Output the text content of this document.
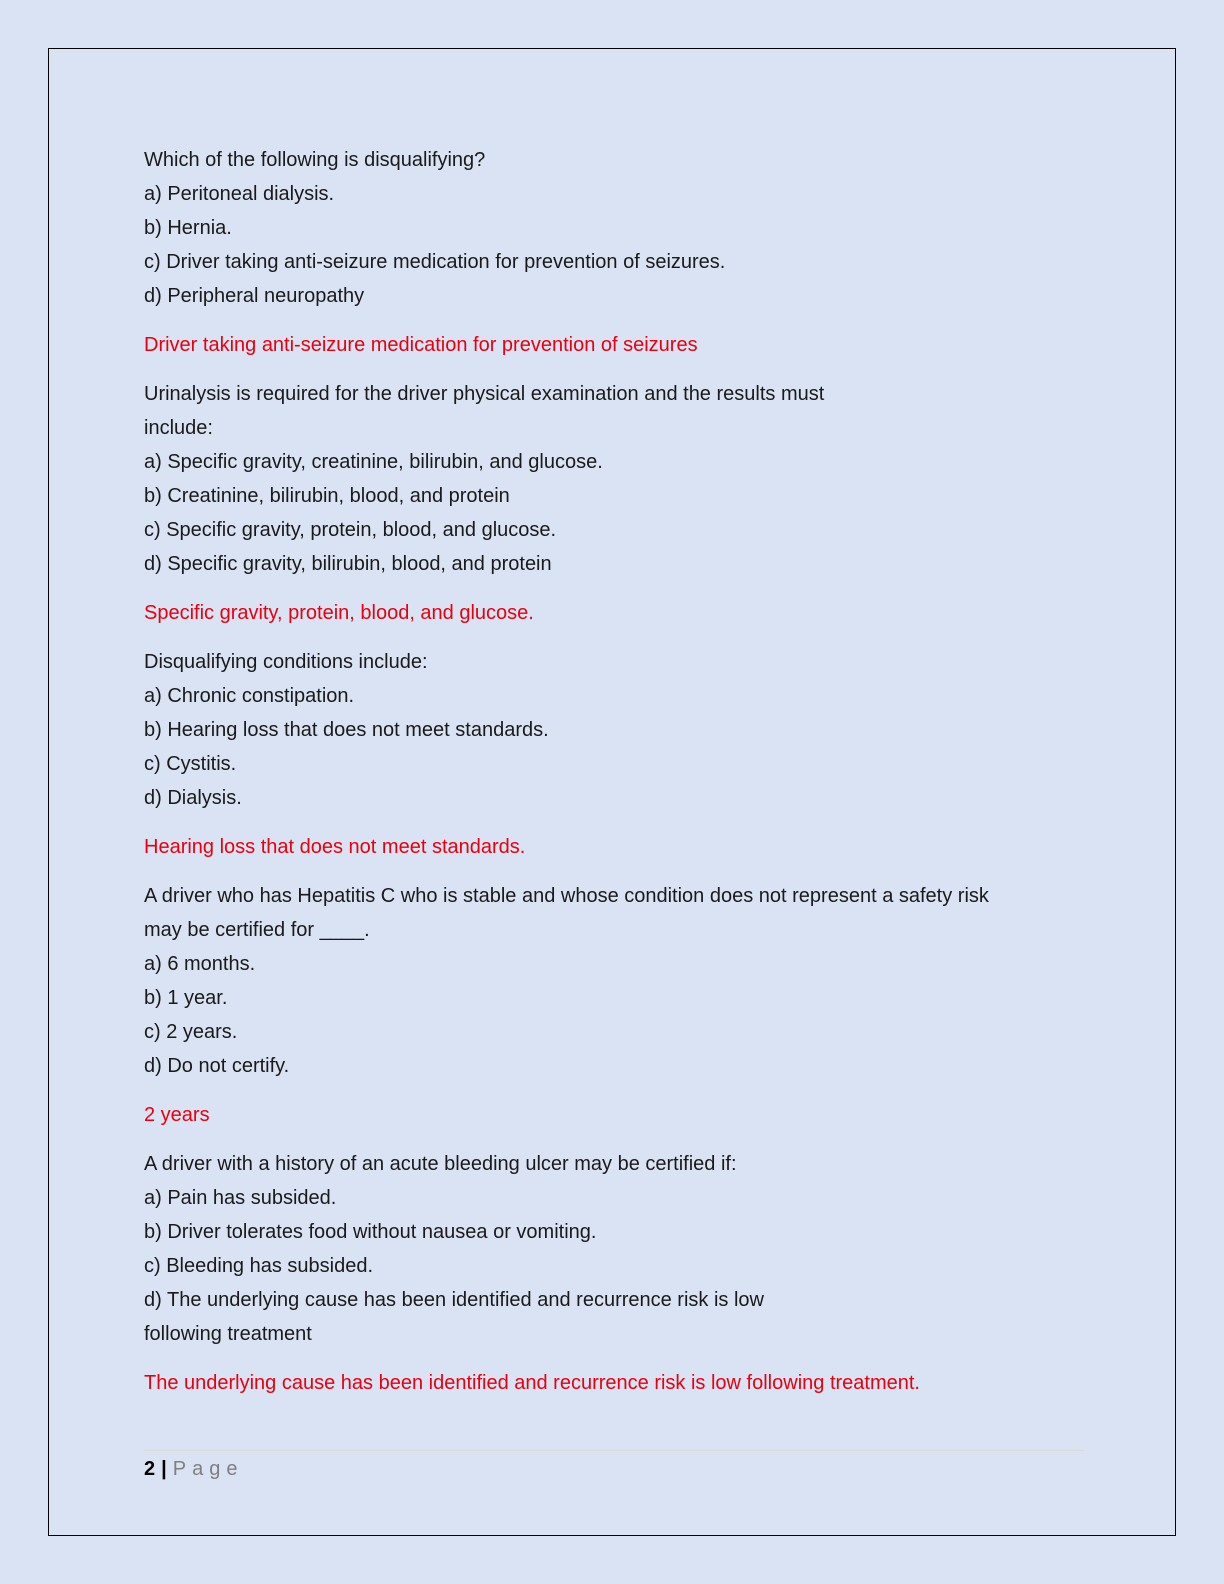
Which of the following is disqualifying?
a) Peritoneal dialysis.
b) Hernia.
c) Driver taking anti-seizure medication for prevention of seizures.
d) Peripheral neuropathy
Driver taking anti-seizure medication for prevention of seizures
Urinalysis is required for the driver physical examination and the results must
include:
a) Specific gravity, creatinine, bilirubin, and glucose.
b) Creatinine, bilirubin, blood, and protein
c) Specific gravity, protein, blood, and glucose.
d) Specific gravity, bilirubin, blood, and protein
Specific gravity, protein, blood, and glucose.
Disqualifying conditions include:
a) Chronic constipation.
b) Hearing loss that does not meet standards.
c) Cystitis.
d) Dialysis.
Hearing loss that does not meet standards.
A driver who has Hepatitis C who is stable and whose condition does not represent a safety risk
may be certified for ____.
a) 6 months.
b) 1 year.
c) 2 years.
d) Do not certify.
2 years
A driver with a history of an acute bleeding ulcer may be certified if:
a) Pain has subsided.
b) Driver tolerates food without nausea or vomiting.
c) Bleeding has subsided.
d) The underlying cause has been identified and recurrence risk is low
following treatment
The underlying cause has been identified and recurrence risk is low following treatment.
2 | Page
